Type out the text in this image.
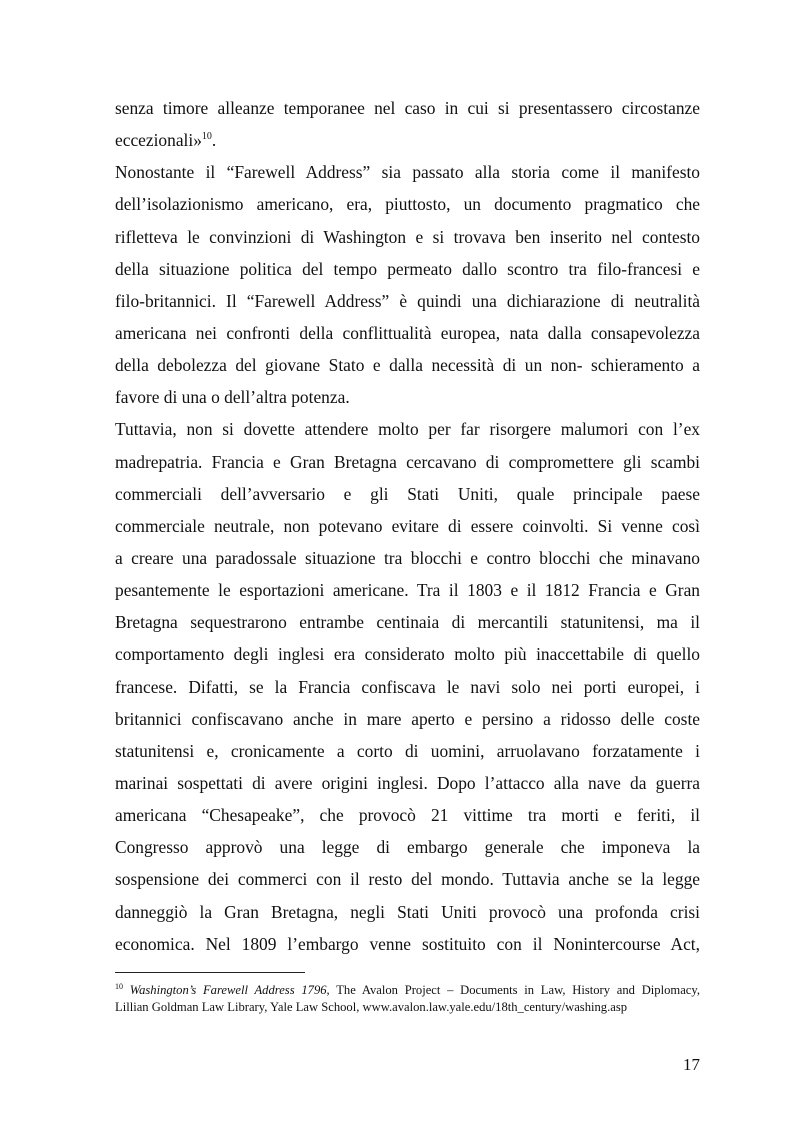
senza timore alleanze temporanee nel caso in cui si presentassero circostanze
eccezionali»$^{10}$.
Nonostante il “Farewell Address” sia passato alla storia come il manifesto
dell’isolazionismo americano, era, piuttosto, un documento pragmatico che
rifletteva le convinzioni di Washington e si trovava ben inserito nel contesto
della situazione politica del tempo permeato dallo scontro tra filo-francesi e
filo-britannici. Il “Farewell Address” è quindi una dichiarazione di neutralità
americana nei confronti della conflittualità europea, nata dalla consapevolezza
della debolezza del giovane Stato e dalla necessità di un non- schieramento a
favore di una o dell’altra potenza.
Tuttavia, non si dovette attendere molto per far risorgere malumori con l’ex
madrepatria. Francia e Gran Bretagna cercavano di compromettere gli scambi
commerciali dell’avversario e gli Stati Uniti, quale principale paese
commerciale neutrale, non potevano evitare di essere coinvolti. Si venne così
a creare una paradossale situazione tra blocchi e contro blocchi che minavano
pesantemente le esportazioni americane. Tra il 1803 e il 1812 Francia e Gran
Bretagna sequestrarono entrambe centinaia di mercantili statunitensi, ma il
comportamento degli inglesi era considerato molto più inaccettabile di quello
francese. Difatti, se la Francia confiscava le navi solo nei porti europei, i
britannici confiscavano anche in mare aperto e persino a ridosso delle coste
statunitensi e, cronicamente a corto di uomini, arruolavano forzatamente i
marinai sospettati di avere origini inglesi. Dopo l’attacco alla nave da guerra
americana “Chesapeake”, che provocò 21 vittime tra morti e feriti, il
Congresso approvò una legge di embargo generale che imponeva la
sospensione dei commerci con il resto del mondo. Tuttavia anche se la legge
danneggiò la Gran Bretagna, negli Stati Uniti provocò una profonda crisi
economica. Nel 1809 l’embargo venne sostituito con il Nonintercourse Act,
$^{10}$ Washington’s Farewell Address 1796, The Avalon Project – Documents in Law, History and Diplomacy,
Lillian Goldman Law Library, Yale Law School, www.avalon.law.yale.edu/18th_century/washing.asp
17
